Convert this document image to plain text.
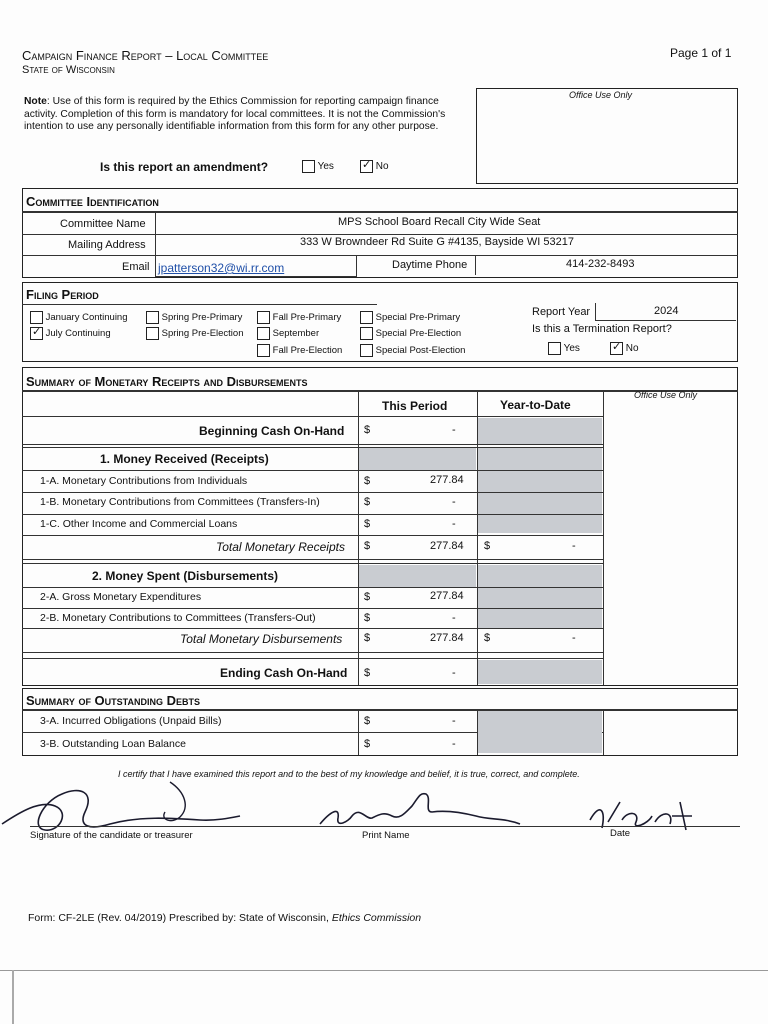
Campaign Finance Report – Local Committee
State of Wisconsin
Page 1 of 1
Note: Use of this form is required by the Ethics Commission for reporting campaign finance activity. Completion of this form is mandatory for local committees. It is not the Commission's intention to use any personally identifiable information from this form for any other purpose.
Office Use Only
Is this report an amendment?	Yes ✓	No
Committee Identification
Committee Name	MPS School Board Recall City Wide Seat
Mailing Address	333 W Browndeer Rd Suite G #4135, Bayside WI 53217
Email jpatterson32@wi.rr.com	Daytime Phone	414-232-8493
Filing Period
January Continuing
✓ July Continuing
Spring Pre-Primary
Spring Pre-Election
Fall Pre-Primary
September
Fall Pre-Election
Special Pre-Primary
Special Pre-Election
Special Post-Election
Report Year	2024
Is this a Termination Report?
Yes ✓	No
Summary of Monetary Receipts and Disbursements
This Period	Year-to-Date
Office Use Only
Beginning Cash On-Hand $	-
1. Money Received (Receipts)
1-A. Monetary Contributions from Individuals	$	277.84
1-B. Monetary Contributions from Committees (Transfers-In)	$	-
1-C. Other Income and Commercial Loans	$	-
Total Monetary Receipts $	277.84 $	-
2. Money Spent (Disbursements)
2-A. Gross Monetary Expenditures	$	277.84
2-B. Monetary Contributions to Committees (Transfers-Out)	$	-
Total Monetary Disbursements $	277.84 $	-
Ending Cash On-Hand $	-
Summary of Outstanding Debts
3-A. Incurred Obligations (Unpaid Bills)	$	-
3-B. Outstanding Loan Balance	$	-
I certify that I have examined this report and to the best of my knowledge and belief, it is true, correct, and complete.
Signature of the candidate or treasurer	Print Name	Date
Form: CF-2LE (Rev. 04/2019) Prescribed by: State of Wisconsin, Ethics Commission
